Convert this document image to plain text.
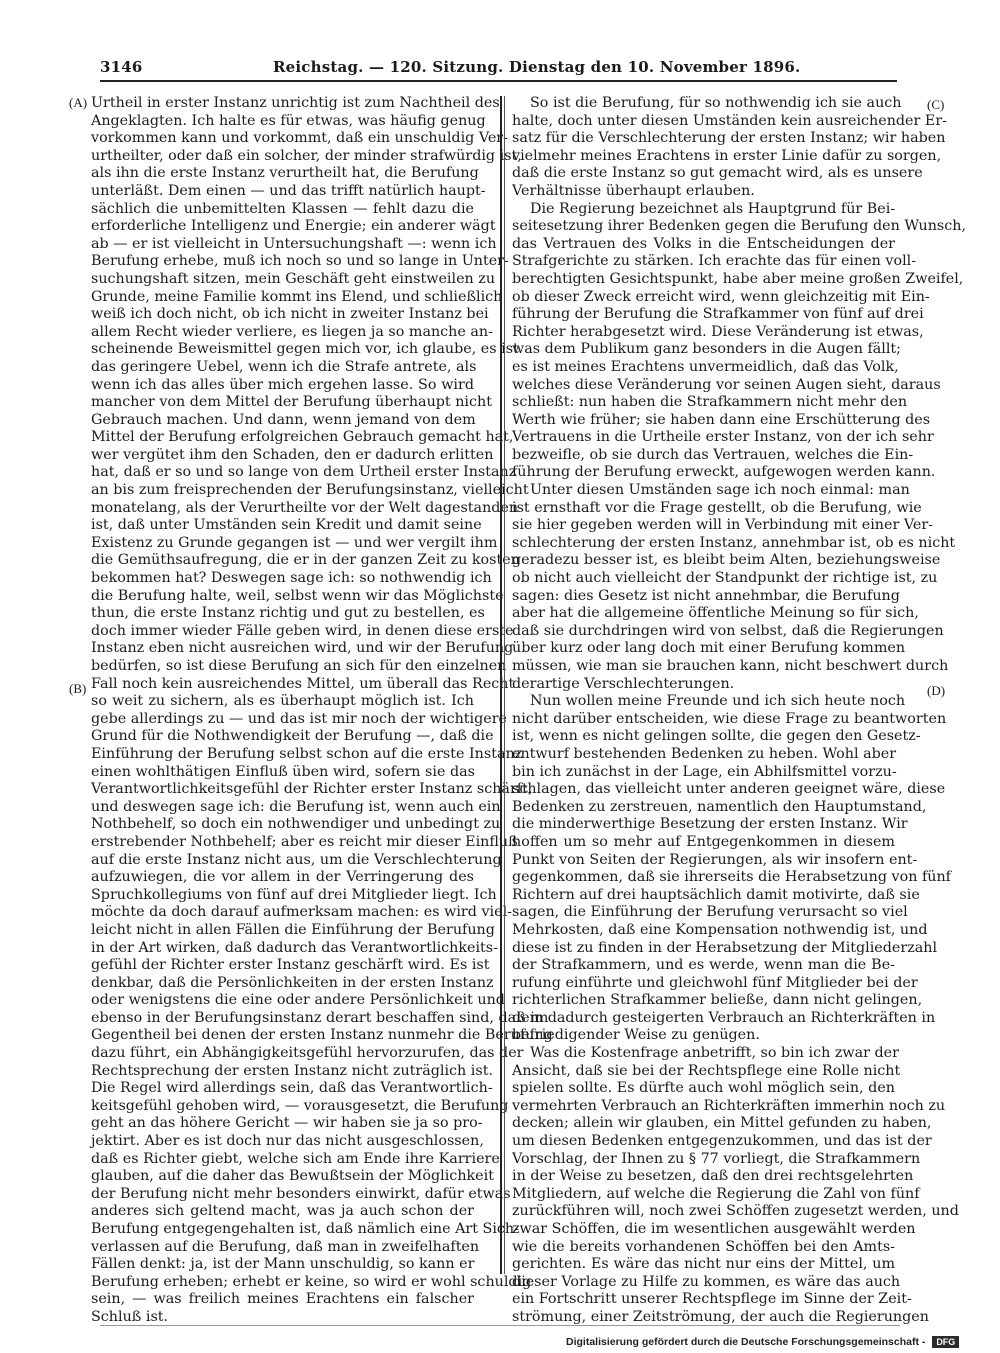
3146	Reichstag. — 120. Sitzung. Dienstag den 10. November 1896.
(A)
(B)
(C)
(D)
Urtheil in erster Instanz unrichtig ist zum Nachtheil des
Angeklagten. Ich halte es für etwas, was häufig genug
vorkommen kann und vorkommt, daß ein unschuldig Ver-
urtheilter, oder daß ein solcher, der minder strafwürdig ist,
als ihn die erste Instanz verurtheilt hat, die Berufung
unterläßt. Dem einen — und das trifft natürlich haupt-
sächlich die unbemittelten Klassen — fehlt dazu die
erforderliche Intelligenz und Energie; ein anderer wägt
ab — er ist vielleicht in Untersuchungshaft —: wenn ich
Berufung erhebe, muß ich noch so und so lange in Unter-
suchungshaft sitzen, mein Geschäft geht einstweilen zu
Grunde, meine Familie kommt ins Elend, und schließlich
weiß ich doch nicht, ob ich nicht in zweiter Instanz bei
allem Recht wieder verliere, es liegen ja so manche an-
scheinende Beweismittel gegen mich vor, ich glaube, es ist
das geringere Uebel, wenn ich die Strafe antrete, als
wenn ich das alles über mich ergehen lasse. So wird
mancher von dem Mittel der Berufung überhaupt nicht
Gebrauch machen. Und dann, wenn jemand von dem
Mittel der Berufung erfolgreichen Gebrauch gemacht hat,
wer vergütet ihm den Schaden, den er dadurch erlitten
hat, daß er so und so lange von dem Urtheil erster Instanz
an bis zum freisprechenden der Berufungsinstanz, vielleicht
monatelang, als der Verurtheilte vor der Welt dagestanden
ist, daß unter Umständen sein Kredit und damit seine
Existenz zu Grunde gegangen ist — und wer vergilt ihm
die Gemüthsaufregung, die er in der ganzen Zeit zu kosten
bekommen hat? Deswegen sage ich: so nothwendig ich
die Berufung halte, weil, selbst wenn wir das Möglichste
thun, die erste Instanz richtig und gut zu bestellen, es
doch immer wieder Fälle geben wird, in denen diese erste
Instanz eben nicht ausreichen wird, und wir der Berufung
bedürfen, so ist diese Berufung an sich für den einzelnen
Fall noch kein ausreichendes Mittel, um überall das Recht
so weit zu sichern, als es überhaupt möglich ist. Ich
gebe allerdings zu — und das ist mir noch der wichtigere
Grund für die Nothwendigkeit der Berufung —, daß die
Einführung der Berufung selbst schon auf die erste Instanz
einen wohlthätigen Einfluß üben wird, sofern sie das
Verantwortlichkeitsgefühl der Richter erster Instanz schärft,
und deswegen sage ich: die Berufung ist, wenn auch ein
Nothbehelf, so doch ein nothwendiger und unbedingt zu
erstrebender Nothbehelf; aber es reicht mir dieser Einfluß
auf die erste Instanz nicht aus, um die Verschlechterung
aufzuwiegen, die vor allem in der Verringerung des
Spruchkollegiums von fünf auf drei Mitglieder liegt. Ich
möchte da doch darauf aufmerksam machen: es wird viel-
leicht nicht in allen Fällen die Einführung der Berufung
in der Art wirken, daß dadurch das Verantwortlichkeits-
gefühl der Richter erster Instanz geschärft wird. Es ist
denkbar, daß die Persönlichkeiten in der ersten Instanz
oder wenigstens die eine oder andere Persönlichkeit und
ebenso in der Berufungsinstanz derart beschaffen sind, daß im
Gegentheil bei denen der ersten Instanz nunmehr die Berufung
dazu führt, ein Abhängigkeitsgefühl hervorzurufen, das der
Rechtsprechung der ersten Instanz nicht zuträglich ist.
Die Regel wird allerdings sein, daß das Verantwortlich-
keitsgefühl gehoben wird, — vorausgesetzt, die Berufung
geht an das höhere Gericht — wir haben sie ja so pro-
jektirt. Aber es ist doch nur das nicht ausgeschlossen,
daß es Richter giebt, welche sich am Ende ihre Karriere
glauben, auf die daher das Bewußtsein der Möglichkeit
der Berufung nicht mehr besonders einwirkt, dafür etwas
anderes sich geltend macht, was ja auch schon der
Berufung entgegengehalten ist, daß nämlich eine Art Sich-
verlassen auf die Berufung, daß man in zweifelhaften
Fällen denkt: ja, ist der Mann unschuldig, so kann er
Berufung erheben; erhebt er keine, so wird er wohl schuldig
sein, — was freilich meines Erachtens ein falscher
Schluß ist.
So ist die Berufung, für so nothwendig ich sie auch
halte, doch unter diesen Umständen kein ausreichender Er-
satz für die Verschlechterung der ersten Instanz; wir haben
vielmehr meines Erachtens in erster Linie dafür zu sorgen,
daß die erste Instanz so gut gemacht wird, als es unsere
Verhältnisse überhaupt erlauben.
Die Regierung bezeichnet als Hauptgrund für Bei-
seitesetzung ihrer Bedenken gegen die Berufung den Wunsch,
das Vertrauen des Volks in die Entscheidungen der
Strafgerichte zu stärken. Ich erachte das für einen voll-
berechtigten Gesichtspunkt, habe aber meine großen Zweifel,
ob dieser Zweck erreicht wird, wenn gleichzeitig mit Ein-
führung der Berufung die Strafkammer von fünf auf drei
Richter herabgesetzt wird. Diese Veränderung ist etwas,
was dem Publikum ganz besonders in die Augen fällt;
es ist meines Erachtens unvermeidlich, daß das Volk,
welches diese Veränderung vor seinen Augen sieht, daraus
schließt: nun haben die Strafkammern nicht mehr den
Werth wie früher; sie haben dann eine Erschütterung des
Vertrauens in die Urtheile erster Instanz, von der ich sehr
bezweifle, ob sie durch das Vertrauen, welches die Ein-
führung der Berufung erweckt, aufgewogen werden kann.
Unter diesen Umständen sage ich noch einmal: man
ist ernsthaft vor die Frage gestellt, ob die Berufung, wie
sie hier gegeben werden will in Verbindung mit einer Ver-
schlechterung der ersten Instanz, annehmbar ist, ob es nicht
geradezu besser ist, es bleibt beim Alten, beziehungsweise
ob nicht auch vielleicht der Standpunkt der richtige ist, zu
sagen: dies Gesetz ist nicht annehmbar, die Berufung
aber hat die allgemeine öffentliche Meinung so für sich,
daß sie durchdringen wird von selbst, daß die Regierungen
über kurz oder lang doch mit einer Berufung kommen
müssen, wie man sie brauchen kann, nicht beschwert durch
derartige Verschlechterungen.
Nun wollen meine Freunde und ich sich heute noch
nicht darüber entscheiden, wie diese Frage zu beantworten
ist, wenn es nicht gelingen sollte, die gegen den Gesetz-
entwurf bestehenden Bedenken zu heben. Wohl aber
bin ich zunächst in der Lage, ein Abhilfsmittel vorzu-
schlagen, das vielleicht unter anderen geeignet wäre, diese
Bedenken zu zerstreuen, namentlich den Hauptumstand,
die minderwerthige Besetzung der ersten Instanz. Wir
hoffen um so mehr auf Entgegenkommen in diesem
Punkt von Seiten der Regierungen, als wir insofern ent-
gegenkommen, daß sie ihrerseits die Herabsetzung von fünf
Richtern auf drei hauptsächlich damit motivirte, daß sie
sagen, die Einführung der Berufung verursacht so viel
Mehrkosten, daß eine Kompensation nothwendig ist, und
diese ist zu finden in der Herabsetzung der Mitgliederzahl
der Strafkammern, und es werde, wenn man die Be-
rufung einführte und gleichwohl fünf Mitglieder bei der
richterlichen Strafkammer beließe, dann nicht gelingen,
dem dadurch gesteigerten Verbrauch an Richterkräften in
befriedigender Weise zu genügen.
Was die Kostenfrage anbetrifft, so bin ich zwar der
Ansicht, daß sie bei der Rechtspflege eine Rolle nicht
spielen sollte. Es dürfte auch wohl möglich sein, den
vermehrten Verbrauch an Richterkräften immerhin noch zu
decken; allein wir glauben, ein Mittel gefunden zu haben,
um diesen Bedenken entgegenzukommen, und das ist der
Vorschlag, der Ihnen zu § 77 vorliegt, die Strafkammern
in der Weise zu besetzen, daß den drei rechtsgelehrten
Mitgliedern, auf welche die Regierung die Zahl von fünf
zurückführen will, noch zwei Schöffen zugesetzt werden, und
zwar Schöffen, die im wesentlichen ausgewählt werden
wie die bereits vorhandenen Schöffen bei den Amts-
gerichten. Es wäre das nicht nur eins der Mittel, um
dieser Vorlage zu Hilfe zu kommen, es wäre das auch
ein Fortschritt unserer Rechtspflege im Sinne der Zeit-
strömung, einer Zeitströmung, der auch die Regierungen
Digitalisierung gefördert durch die Deutsche Forschungsgemeinschaft - DFG
